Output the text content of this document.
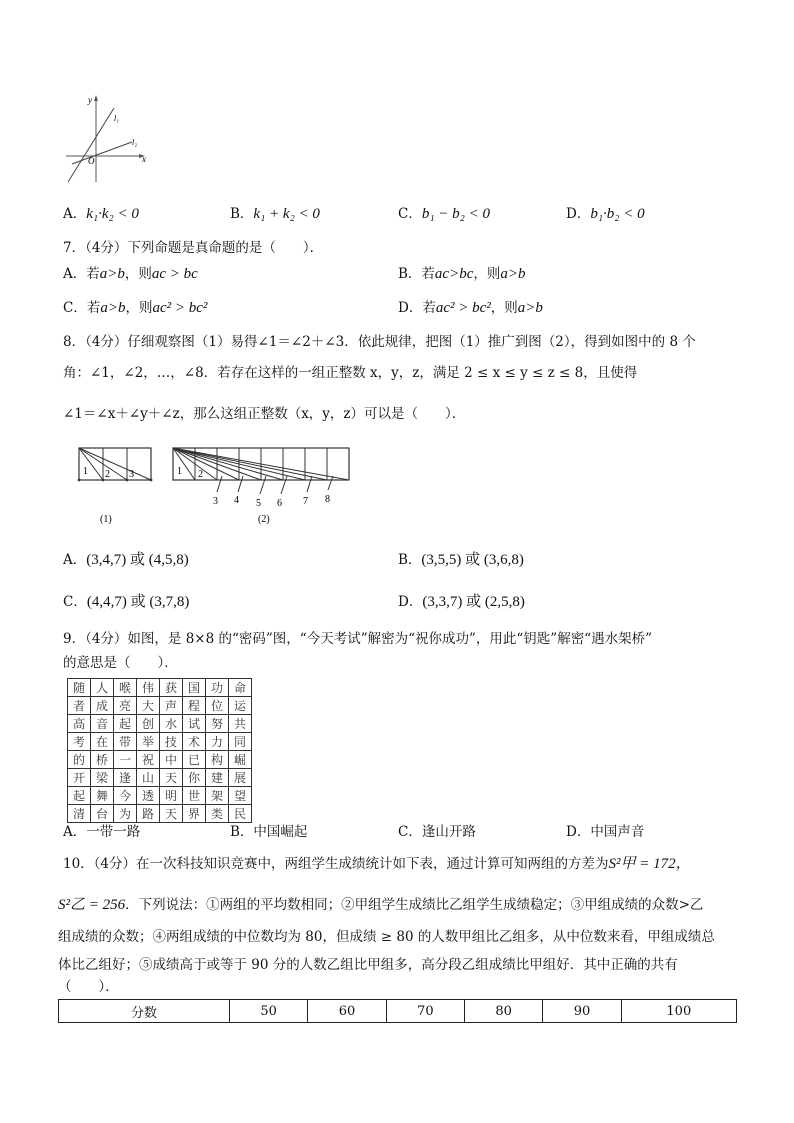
y
x
O
l₁
l₂
A．k₁·k₂ < 0	B．k₁ + k₂ < 0	C．b₁ − b₂ < 0	D．b₁·b₂ < 0
7．（4分）下列命题是真命题的是（　　）．
A．若a>b，则ac > bc	B．若ac>bc，则a>b
C．若a>b，则ac² > bc²	D．若ac² > bc²，则a>b
8．（4分）仔细观察图（1）易得∠1＝∠2＋∠3．依此规律，把图（1）推广到图（2），得到如图中的 8 个
角：∠1，∠2，…，∠8．若存在这样的一组正整数 x，y，z，满足 2 ≤ x ≤ y ≤ z ≤ 8，且使得
∠1＝∠x＋∠y＋∠z，那么这组正整数（x，y，z）可以是（　　）．
1 2 3
(1)
1 2
3 4 5 6 7 8
(2)
A．(3,4,7) 或 (4,5,8)	B．(3,5,5) 或 (3,6,8)
C．(4,4,7) 或 (3,7,8)	D．(3,3,7) 或 (2,5,8)
9．（4分）如图，是 8×8 的“密码”图，“今天考试”解密为“祝你成功”，用此“钥匙”解密“遇水架桥”
的意思是（　　）．
随	人	喉	伟	获	国	功	命
者	成	亮	大	声	程	位	运
高	音	起	创	水	试	努	共
考	在	带	举	技	术	力	同
的	桥	一	祝	中	已	构	崛
开	梁	逢	山	天	你	建	展
起	舞	今	透	明	世	架	望
清	台	为	路	天	界	类	民
A．一带一路	B．中国崛起	C．逢山开路	D．中国声音
10．（4分）在一次科技知识竞赛中，两组学生成绩统计如下表，通过计算可知两组的方差为S²甲 = 172，
S²乙 = 256．下列说法：①两组的平均数相同；②甲组学生成绩比乙组学生成绩稳定；③甲组成绩的众数>乙
组成绩的众数；④两组成绩的中位数均为 80，但成绩 ≥ 80 的人数甲组比乙组多，从中位数来看，甲组成绩总
体比乙组好；⑤成绩高于或等于 90 分的人数乙组比甲组多，高分段乙组成绩比甲组好．其中正确的共有
（　　）．
分数	50	60	70	80	90	100
